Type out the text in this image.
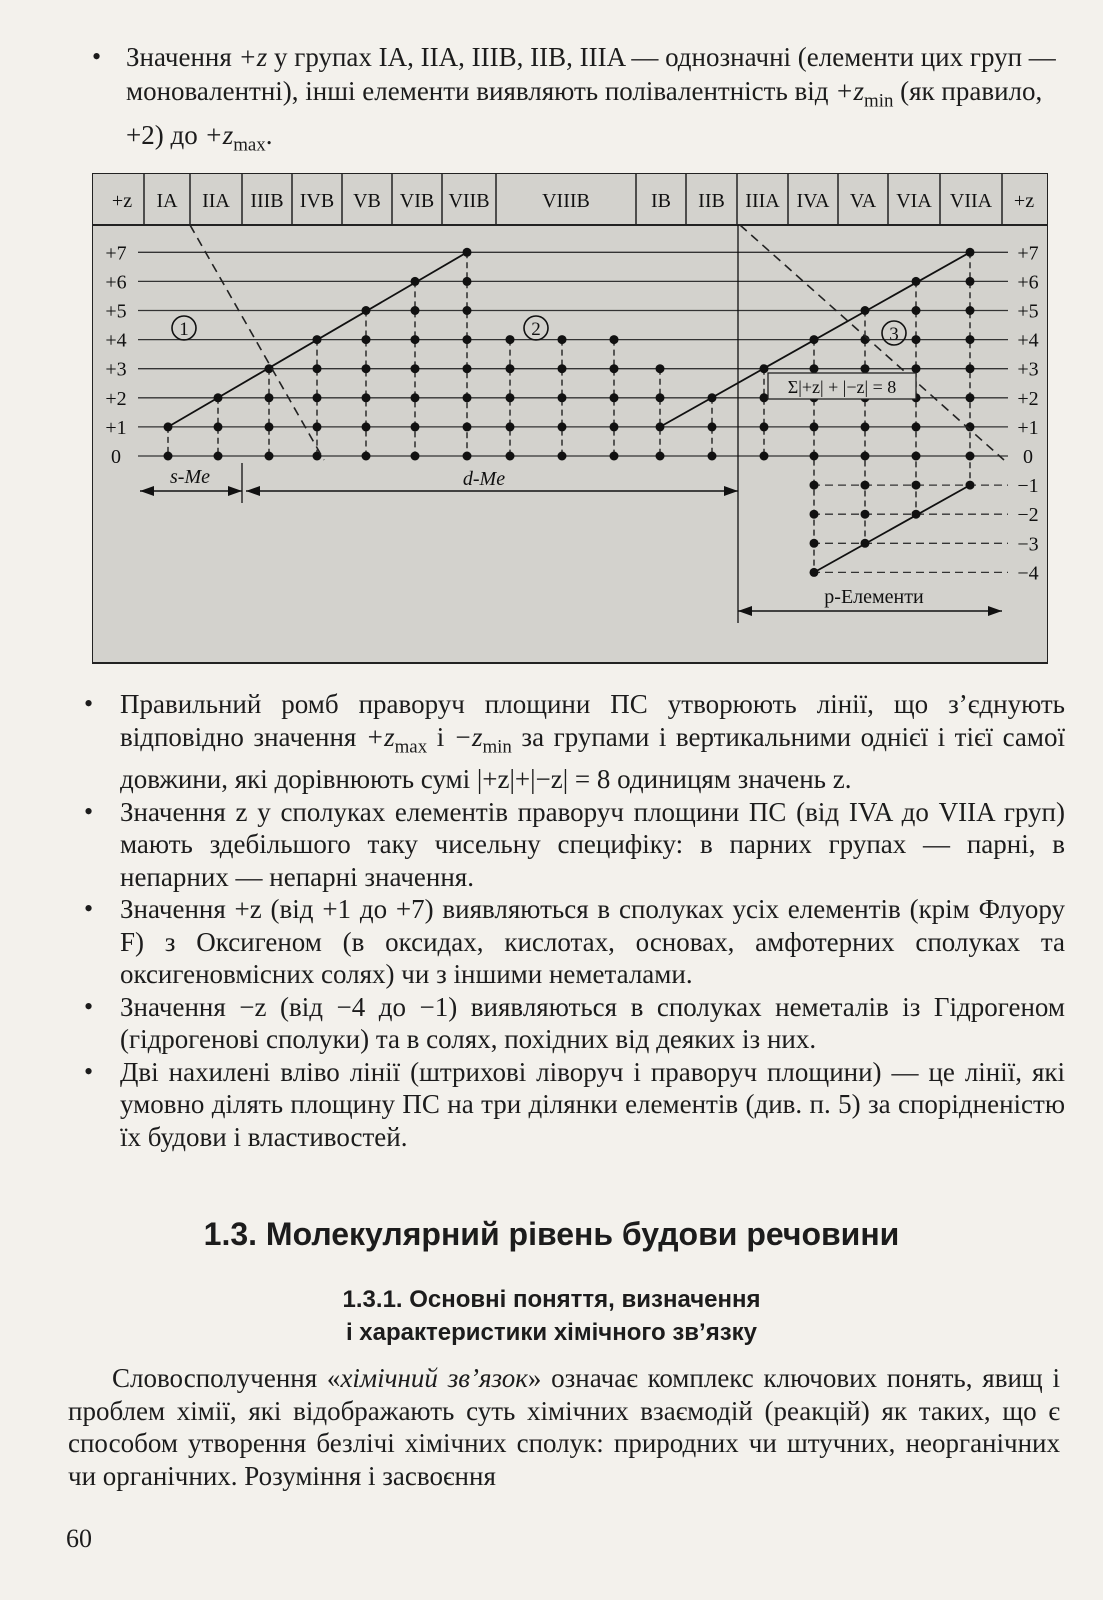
• Значення +z у групах IA, IIA, IIIB, IIB, IIIA — однозначні (елементи цих груп — моновалентні), інші елементи виявляють полівалентність від $+z_{min}$ (як правило, +2) до $+z_{max}$.
+z IA IIA IIIB IVB VB VIB VIIB	VIIIB	IB IIB IIIA IVA VA VIA VIIA +z
+7
+6
+5
+4
+3
+2
+1
0
+7
+6
+5
+4
+3
+2
+1
0
−1
−2
−3
−4
1	2	3
Σ|+z| + |−z| = 8
s-Me	d-Me
p-Елементи
• Правильний ромб праворуч площини ПС утворюють лінії, що з’єднують відповідно значення $+z_{max}$ $і -z_{min}$ за групами і вертикальними однієї і тієї самої довжини, які дорівнюють сумі |+z|+|−z| = 8 одиницям значень z.
• Значення z у сполуках елементів праворуч площини ПС (від IVA до VIIA груп) мають здебільшого таку чисельну специфіку: в парних групах — парні, в непарних — непарні значення.
• Значення +z (від +1 до +7) виявляються в сполуках усіх елементів (крім Флуору F) з Оксигеном (в оксидах, кислотах, основах, амфотерних сполуках та оксигеновмісних солях) чи з іншими неметалами.
• Значення −z (від −4 до −1) виявляються в сполуках неметалів із Гідрогеном (гідрогенові сполуки) та в солях, похідних від деяких із них.
• Дві нахилені вліво лінії (штрихові ліворуч і праворуч площини) — це лінії, які умовно ділять площину ПС на три ділянки елементів (див. п. 5) за спорідненістю їх будови і властивостей.
1.3. Молекулярний рівень будови речовини
1.3.1. Основні поняття, визначення
і характеристики хімічного зв’язку
Словосполучення «хімічний зв’язок» означає комплекс ключових понять, явищ і проблем хімії, які відображають суть хімічних взаємодій (реакцій) як таких, що є способом утворення безлічі хімічних сполук: природних чи штучних, неорганічних чи органічних. Розуміння і засвоєння
60
